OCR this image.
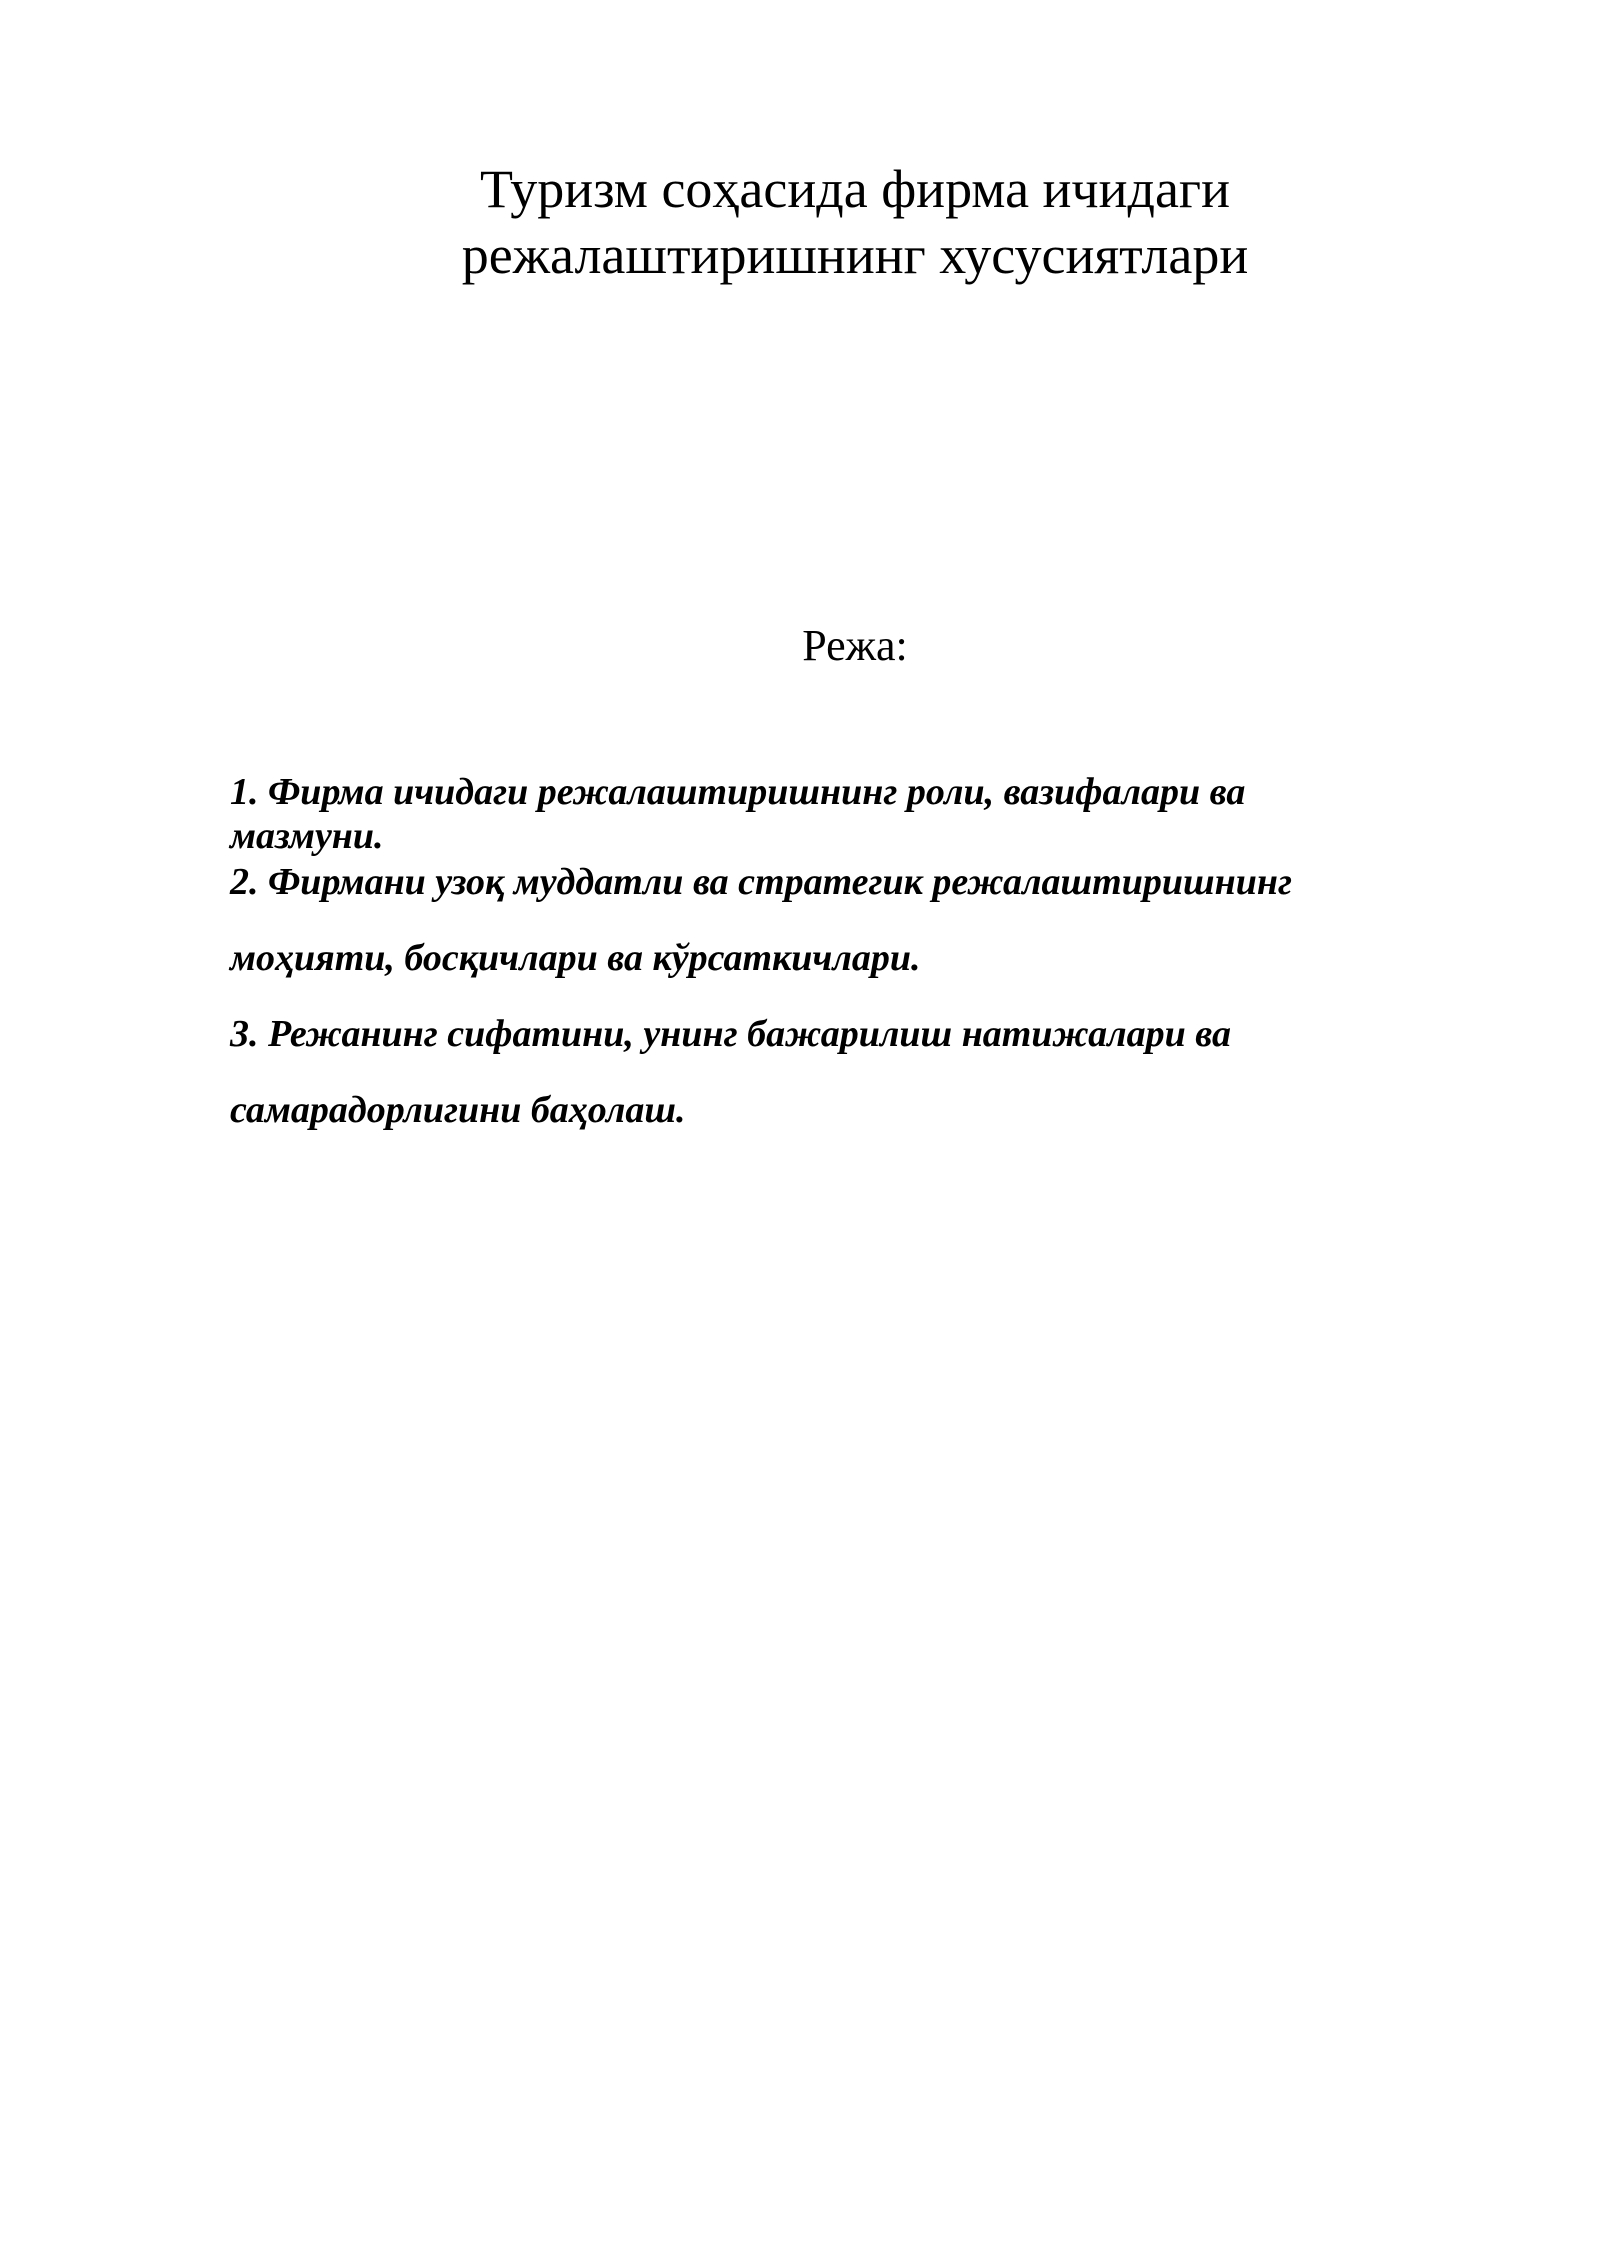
Туризм соҳасида фирма ичидаги
режалаштиришнинг хусусиятлари
Режа:
1. Фирма ичидаги режалаштиришнинг роли, вазифалари ва
мазмуни.
2. Фирмани узоқ муддатли ва стратегик режалаштиришнинг
моҳияти, босқичлари ва кўрсаткичлари.
3. Режанинг сифатини, унинг бажарилиш натижалари ва
самарадорлигини баҳолаш.
